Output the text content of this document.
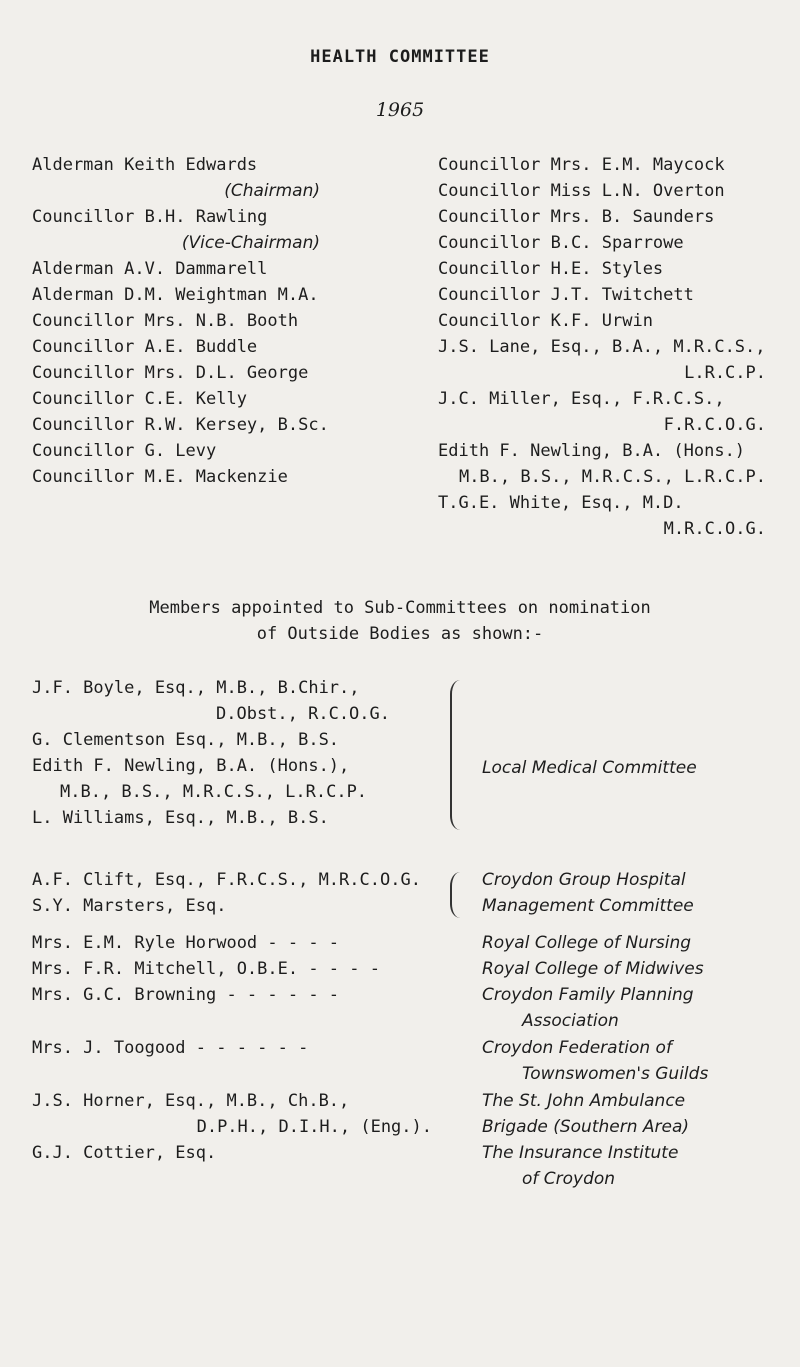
HEALTH COMMITTEE
1965
Alderman Keith Edwards
(Chairman)
Councillor B.H. Rawling
(Vice-Chairman)
Alderman A.V. Dammarell
Alderman D.M. Weightman M.A.
Councillor Mrs. N.B. Booth
Councillor A.E. Buddle
Councillor Mrs. D.L. George
Councillor C.E. Kelly
Councillor R.W. Kersey, B.Sc.
Councillor G. Levy
Councillor M.E. Mackenzie
Councillor Mrs. E.M. Maycock
Councillor Miss L.N. Overton
Councillor Mrs. B. Saunders
Councillor B.C. Sparrowe
Councillor H.E. Styles
Councillor J.T. Twitchett
Councillor K.F. Urwin
J.S. Lane, Esq., B.A., M.R.C.S.,
L.R.C.P.
J.C. Miller, Esq., F.R.C.S.,
F.R.C.O.G.
Edith F. Newling, B.A. (Hons.)
M.B., B.S., M.R.C.S., L.R.C.P.
T.G.E. White, Esq., M.D.
M.R.C.O.G.
Members appointed to Sub-Committees on nomination
of Outside Bodies as shown:-
J.F. Boyle, Esq., M.B., B.Chir.,
D.Obst., R.C.O.G.
G. Clementson Esq., M.B., B.S.
Edith F. Newling, B.A. (Hons.),
M.B., B.S., M.R.C.S., L.R.C.P.
L. Williams, Esq., M.B., B.S.
Local Medical Committee
A.F. Clift, Esq., F.R.C.S., M.R.C.O.G.
S.Y. Marsters, Esq.
Croydon Group Hospital
Management Committee
Mrs. E.M. Ryle Horwood - - - -	Royal College of Nursing
Mrs. F.R. Mitchell, O.B.E. - - - -	Royal College of Midwives
Mrs. G.C. Browning - - - - - -	Croydon Family Planning
Association
Mrs. J. Toogood - - - - - -	Croydon Federation of
Townswomen's Guilds
J.S. Horner, Esq., M.B., Ch.B.,	The St. John Ambulance
D.P.H., D.I.H., (Eng.).	Brigade (Southern Area)
G.J. Cottier, Esq.	The Insurance Institute
of Croydon
